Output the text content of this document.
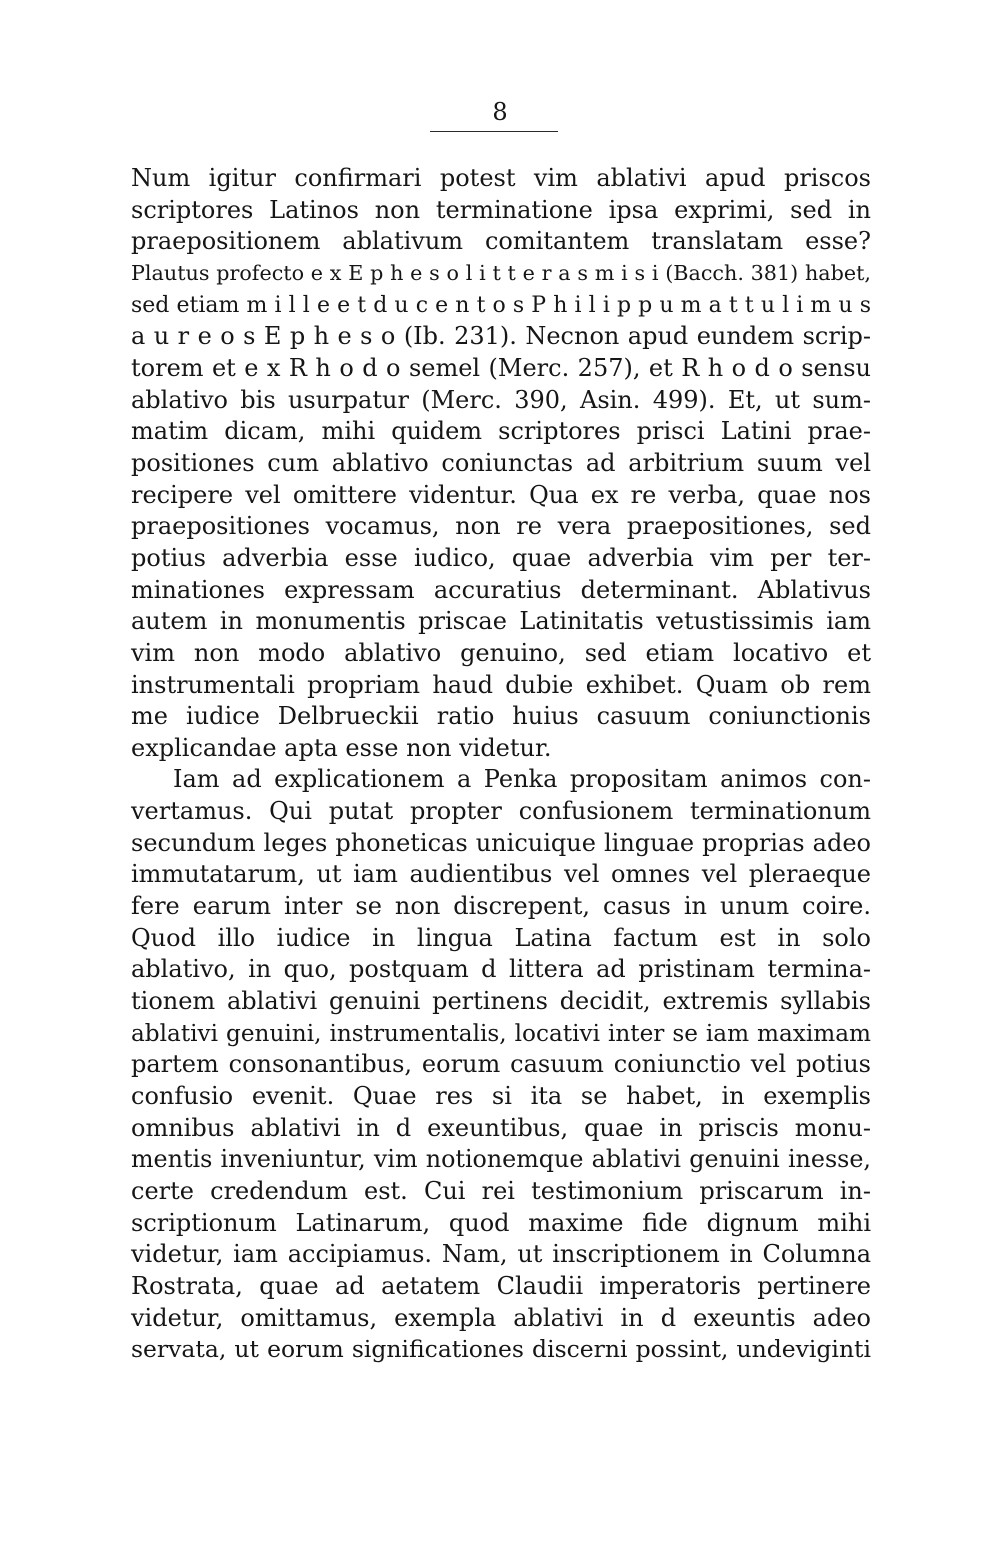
8
Num igitur confirmari potest vim ablativi apud priscos
scriptores Latinos non terminatione ipsa exprimi, sed in
praepositionem ablativum comitantem translatam esse?
Plautus profecto e x E p h e s o l i t t e r a s m i s i (Bacch. 381) habet,
sed etiam m i l l e e t d u c e n t o s P h i l i p p u m a t t u l i m u s
a u r e o s E p h e s o (Ib. 231). Necnon apud eundem scrip-
torem et e x R h o d o semel (Merc. 257), et R h o d o sensu
ablativo bis usurpatur (Merc. 390, Asin. 499). Et, ut sum-
matim dicam, mihi quidem scriptores prisci Latini prae-
positiones cum ablativo coniunctas ad arbitrium suum vel
recipere vel omittere videntur. Qua ex re verba, quae nos
praepositiones vocamus, non re vera praepositiones, sed
potius adverbia esse iudico, quae adverbia vim per ter-
minationes expressam accuratius determinant. Ablativus
autem in monumentis priscae Latinitatis vetustissimis iam
vim non modo ablativo genuino, sed etiam locativo et
instrumentali propriam haud dubie exhibet. Quam ob rem
me iudice Delbrueckii ratio huius casuum coniunctionis
explicandae apta esse non videtur.
Iam ad explicationem a Penka propositam animos con-
vertamus. Qui putat propter confusionem terminationum
secundum leges phoneticas unicuique linguae proprias adeo
immutatarum, ut iam audientibus vel omnes vel pleraeque
fere earum inter se non discrepent, casus in unum coire.
Quod illo iudice in lingua Latina factum est in solo
ablativo, in quo, postquam d littera ad pristinam termina-
tionem ablativi genuini pertinens decidit, extremis syllabis
ablativi genuini, instrumentalis, locativi inter se iam maximam
partem consonantibus, eorum casuum coniunctio vel potius
confusio evenit. Quae res si ita se habet, in exemplis
omnibus ablativi in d exeuntibus, quae in priscis monu-
mentis inveniuntur, vim notionemque ablativi genuini inesse,
certe credendum est. Cui rei testimonium priscarum in-
scriptionum Latinarum, quod maxime fide dignum mihi
videtur, iam accipiamus. Nam, ut inscriptionem in Columna
Rostrata, quae ad aetatem Claudii imperatoris pertinere
videtur, omittamus, exempla ablativi in d exeuntis adeo
servata, ut eorum significationes discerni possint, undeviginti
